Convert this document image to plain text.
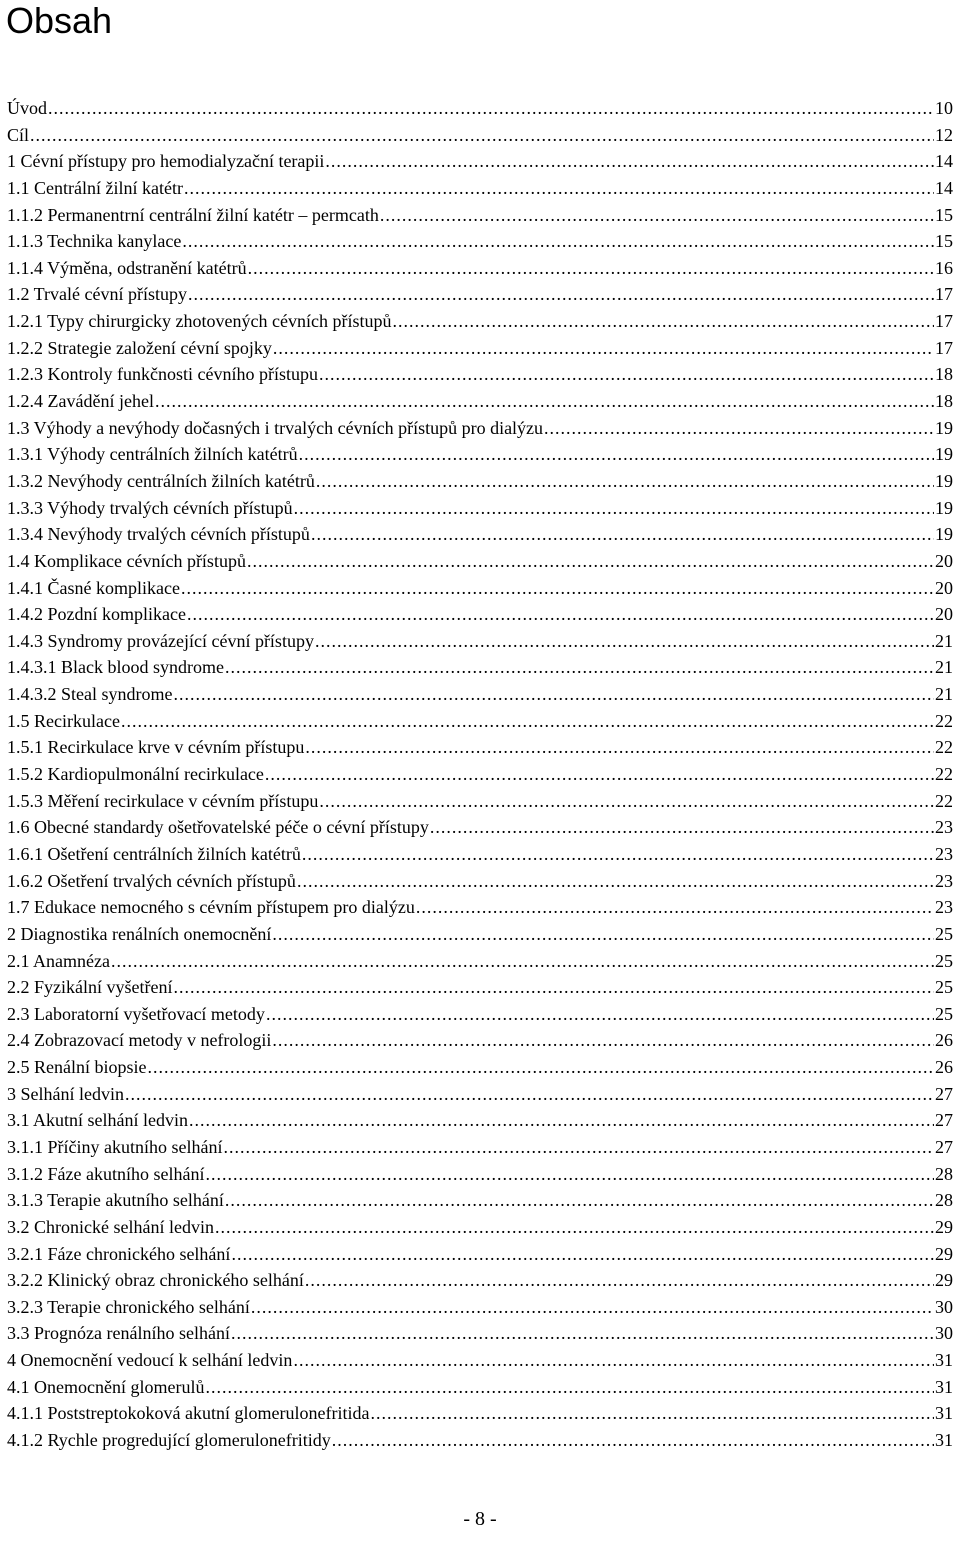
Obsah
Úvod .....	10
Cíl .....	12
1 Cévní přístupy pro hemodialyzační terapii .....	14
1.1 Centrální žilní katétr .....	14
1.1.2 Permanentrní centrální žilní katétr – permcath .....	15
1.1.3 Technika kanylace .....	15
1.1.4 Výměna, odstranění katétrů .....	16
1.2 Trvalé cévní přístupy .....	17
1.2.1 Typy chirurgicky zhotovených cévních přístupů .....	17
1.2.2 Strategie založení cévní spojky .....	17
1.2.3 Kontroly funkčnosti cévního přístupu .....	18
1.2.4 Zavádění jehel .....	18
1.3 Výhody a nevýhody dočasných i trvalých cévních přístupů pro dialýzu .....	19
1.3.1 Výhody centrálních žilních katétrů .....	19
1.3.2 Nevýhody centrálních žilních katétrů .....	19
1.3.3 Výhody trvalých cévních přístupů .....	19
1.3.4 Nevýhody trvalých cévních přístupů .....	19
1.4 Komplikace cévních přístupů .....	20
1.4.1 Časné komplikace .....	20
1.4.2 Pozdní komplikace .....	20
1.4.3 Syndromy provázející cévní přístupy .....	21
1.4.3.1 Black blood syndrome .....	21
1.4.3.2 Steal syndrome .....	21
1.5 Recirkulace .....	22
1.5.1 Recirkulace krve v cévním přístupu .....	22
1.5.2 Kardiopulmonální recirkulace .....	22
1.5.3 Měření recirkulace v cévním přístupu .....	22
1.6 Obecné standardy ošetřovatelské péče o cévní přístupy .....	23
1.6.1 Ošetření centrálních žilních katétrů .....	23
1.6.2 Ošetření trvalých cévních přístupů .....	23
1.7 Edukace nemocného s cévním přístupem pro dialýzu .....	23
2 Diagnostika renálních onemocnění .....	25
2.1 Anamnéza .....	25
2.2 Fyzikální vyšetření .....	25
2.3 Laboratorní vyšetřovací metody .....	25
2.4 Zobrazovací metody v nefrologii .....	26
2.5 Renální biopsie .....	26
3 Selhání ledvin .....	27
3.1 Akutní selhání ledvin .....	27
3.1.1 Příčiny akutního selhání .....	27
3.1.2 Fáze akutního selhání .....	28
3.1.3 Terapie akutního selhání .....	28
3.2 Chronické selhání ledvin .....	29
3.2.1 Fáze chronického selhání .....	29
3.2.2 Klinický obraz chronického selhání .....	29
3.2.3 Terapie chronického selhání .....	30
3.3 Prognóza renálního selhání .....	30
4 Onemocnění vedoucí k selhání ledvin .....	31
4.1 Onemocnění glomerulů .....	31
4.1.1 Poststreptokoková akutní glomerulonefritida .....	31
4.1.2 Rychle progredující glomerulonefritidy .....	31
- 8 -
